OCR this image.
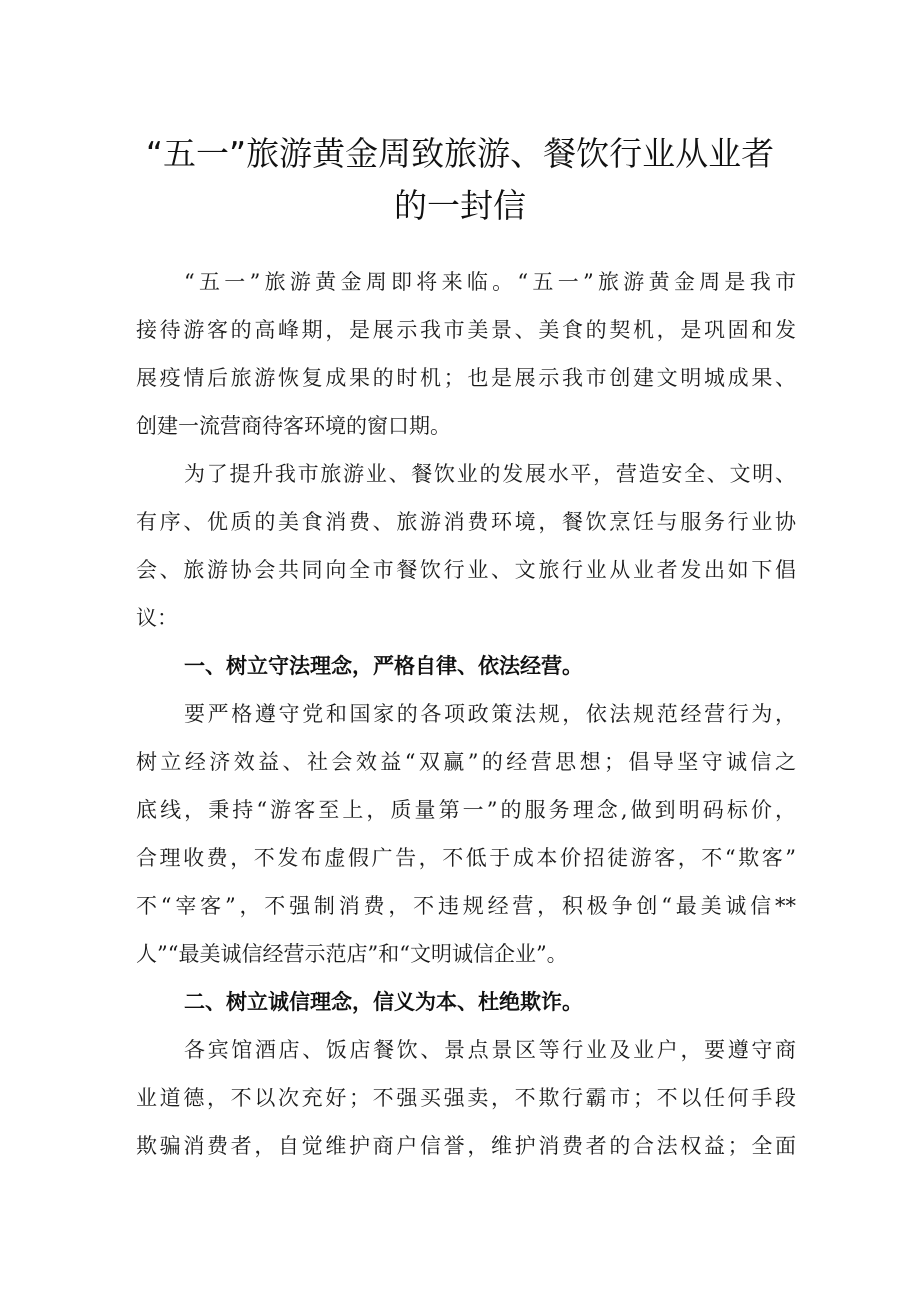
“五一”旅游黄金周致旅游、餐饮行业从业者
的一封信

“五一”旅游黄金周即将来临。“五一”旅游黄金周是我市

接待游客的高峰期，是展示我市美景、美食的契机，是巩固和发

展疫情后旅游恢复成果的时机；也是展示我市创建文明城成果、

创建一流营商待客环境的窗口期。

为了提升我市旅游业、餐饮业的发展水平，营造安全、文明、

有序、优质的美食消费、旅游消费环境，餐饮烹饪与服务行业协

会、旅游协会共同向全市餐饮行业、文旅行业从业者发出如下倡

议：

一、树立守法理念，严格自律、依法经营。

要严格遵守党和国家的各项政策法规，依法规范经营行为，

树立经济效益、社会效益“双赢”的经营思想；倡导坚守诚信之

底线，秉持“游客至上，质量第一”的服务理念,做到明码标价，

合理收费，不发布虚假广告，不低于成本价招徒游客，不“欺客”

不“宰客”，不强制消费，不违规经营，积极争创“最美诚信**

人”“最美诚信经营示范店”和“文明诚信企业”。

二、树立诚信理念，信义为本、杜绝欺诈。

各宾馆酒店、饭店餐饮、景点景区等行业及业户，要遵守商

业道德，不以次充好；不强买强卖，不欺行霸市；不以任何手段

欺骗消费者，自觉维护商户信誉，维护消费者的合法权益；全面
